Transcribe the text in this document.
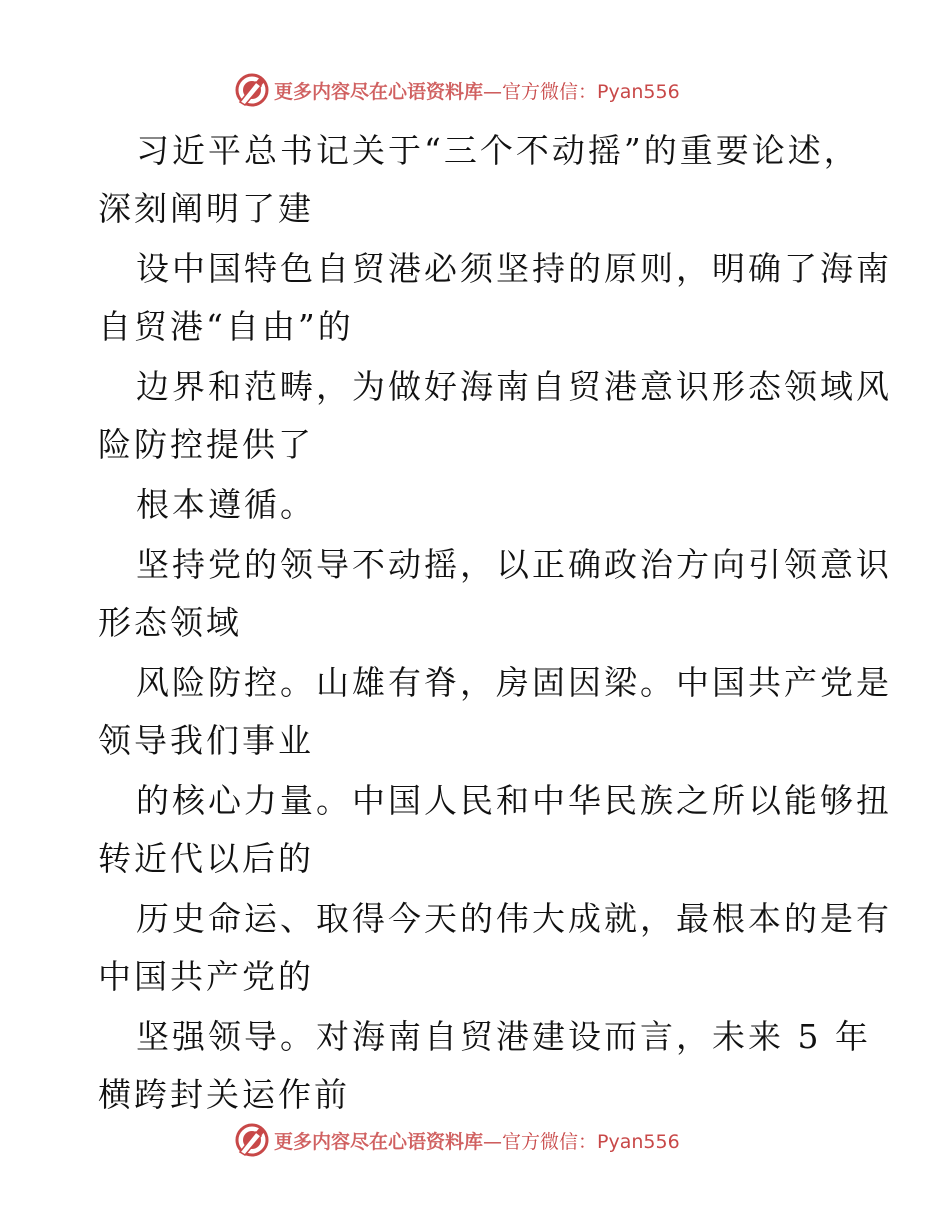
更多内容尽在心语资料库—官方微信：Pyan556

习近平总书记关于“三个不动摇”的重要论述，
深刻阐明了建

设中国特色自贸港必须坚持的原则，明确了海南
自贸港“自由”的

边界和范畴，为做好海南自贸港意识形态领域风
险防控提供了

根本遵循。

坚持党的领导不动摇，以正确政治方向引领意识
形态领域

风险防控。山雄有脊，房固因梁。中国共产党是
领导我们事业

的核心力量。中国人民和中华民族之所以能够扭
转近代以后的

历史命运、取得今天的伟大成就，最根本的是有
中国共产党的

坚强领导。对海南自贸港建设而言，未来 5 年
横跨封关运作前

更多内容尽在心语资料库—官方微信：Pyan556
